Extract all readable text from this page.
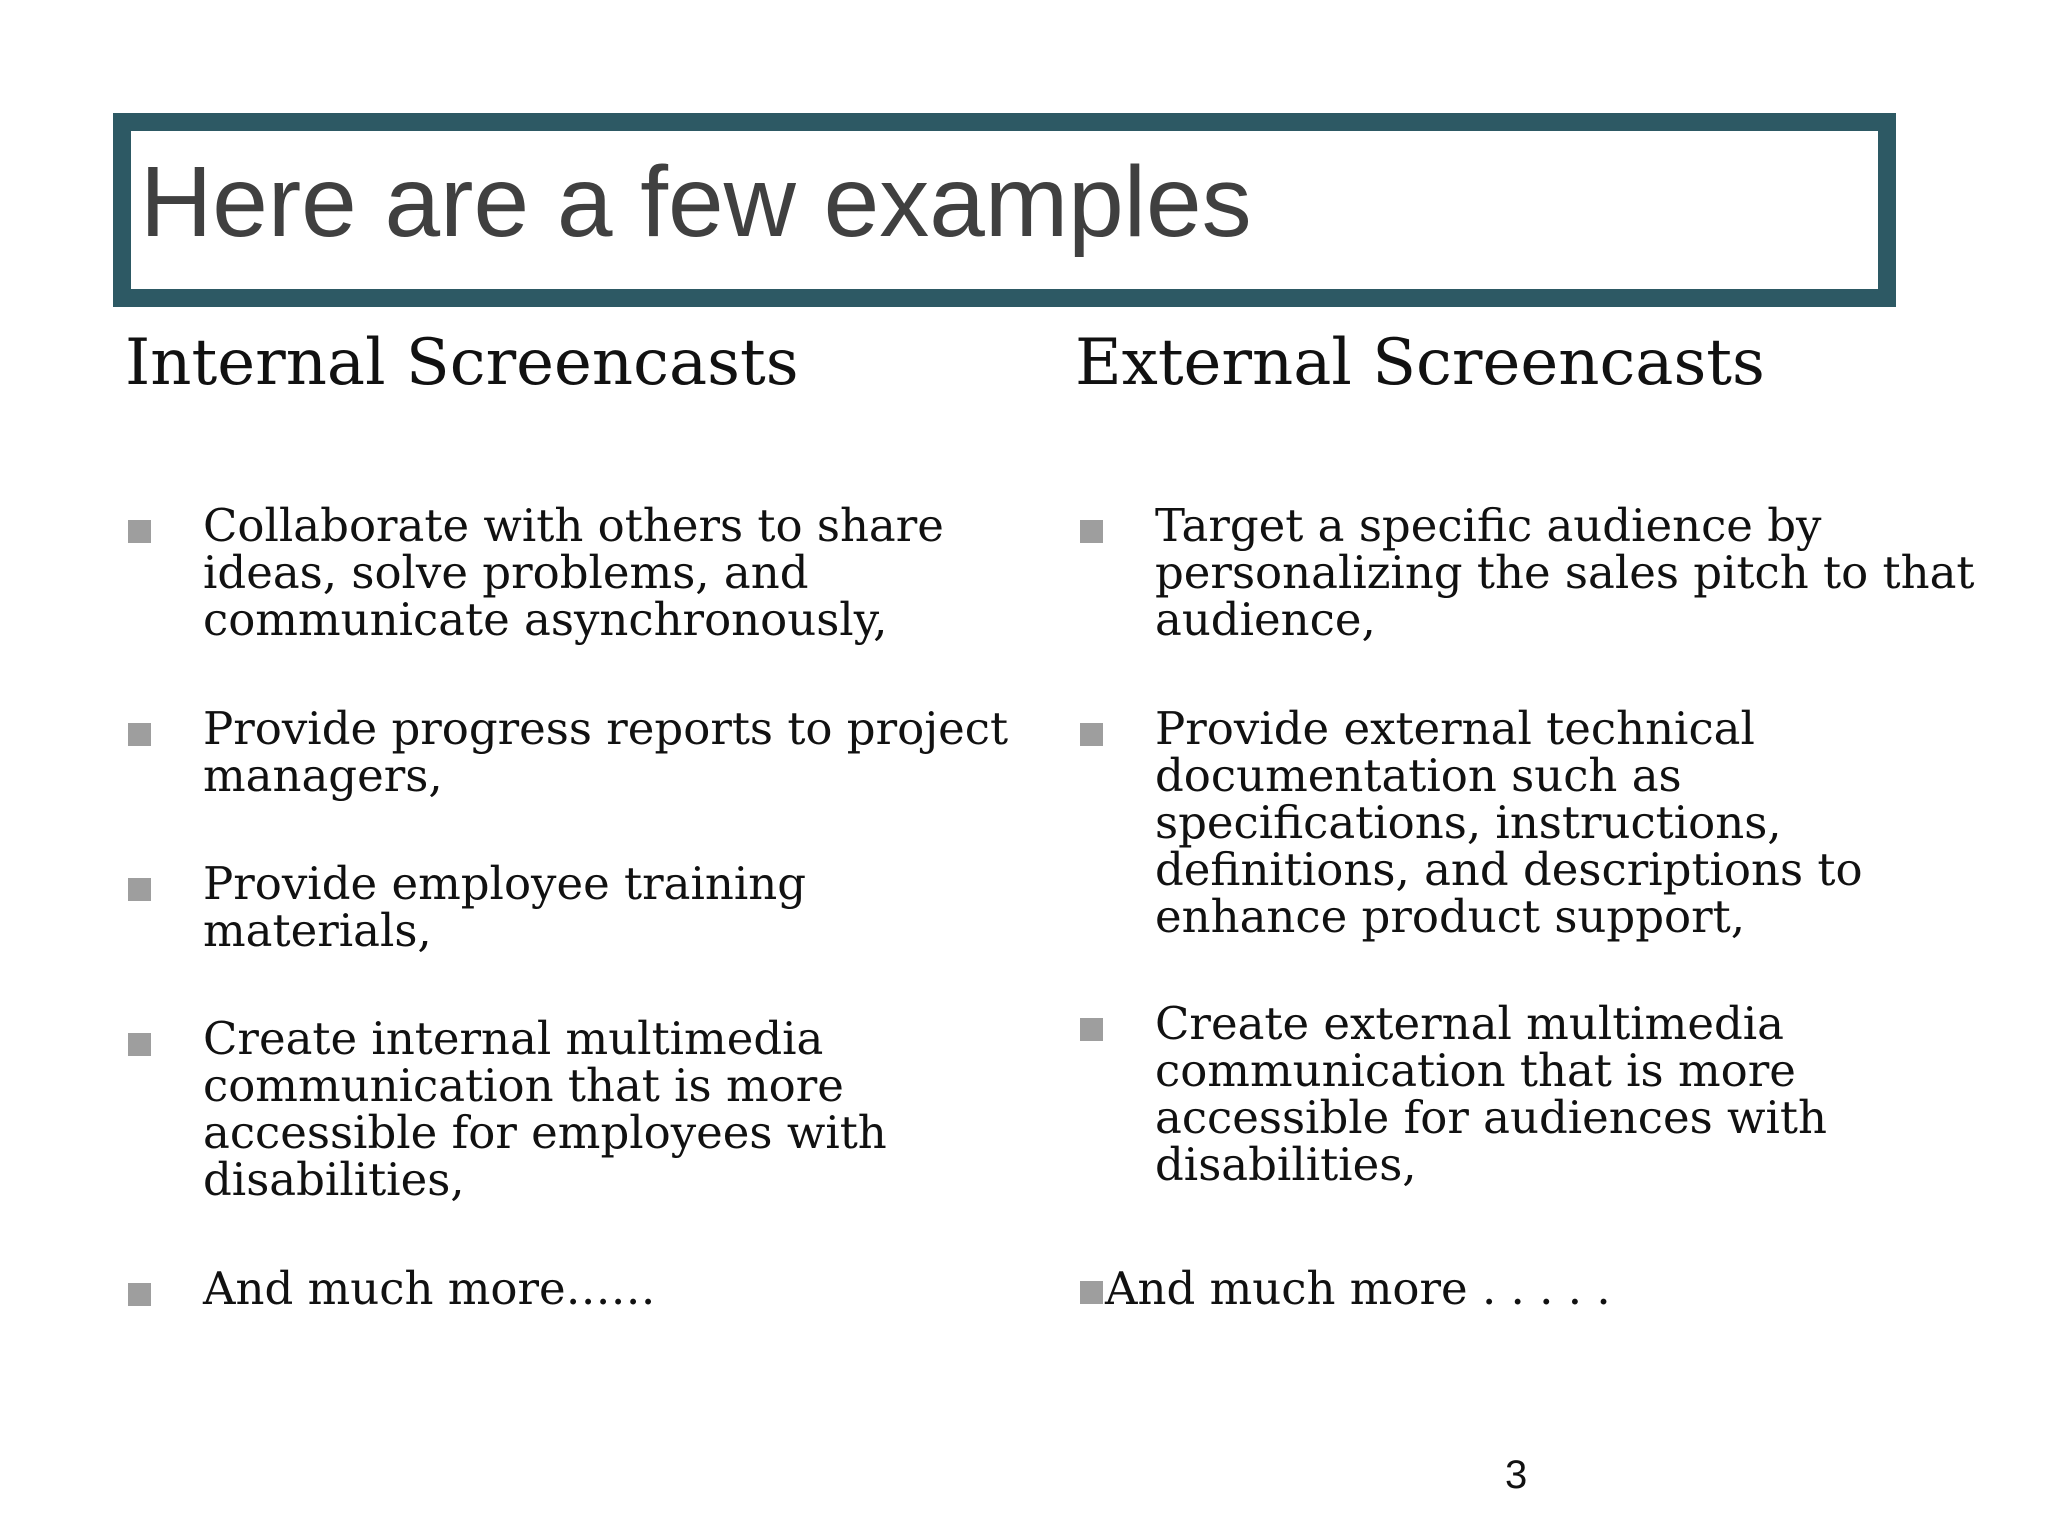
Here are a few examples
Internal Screencasts	External Screencasts
Collaborate with others to share
ideas, solve problems, and
communicate asynchronously,
Provide progress reports to project
managers,
Provide employee training
materials,
Create internal multimedia
communication that is more
accessible for employees with
disabilities,
And much more……
Target a specific audience by
personalizing the sales pitch to that
audience,
Provide external technical
documentation such as
specifications, instructions,
definitions, and descriptions to
enhance product support,
Create external multimedia
communication that is more
accessible for audiences with
disabilities,
And much more . . . . .
3
